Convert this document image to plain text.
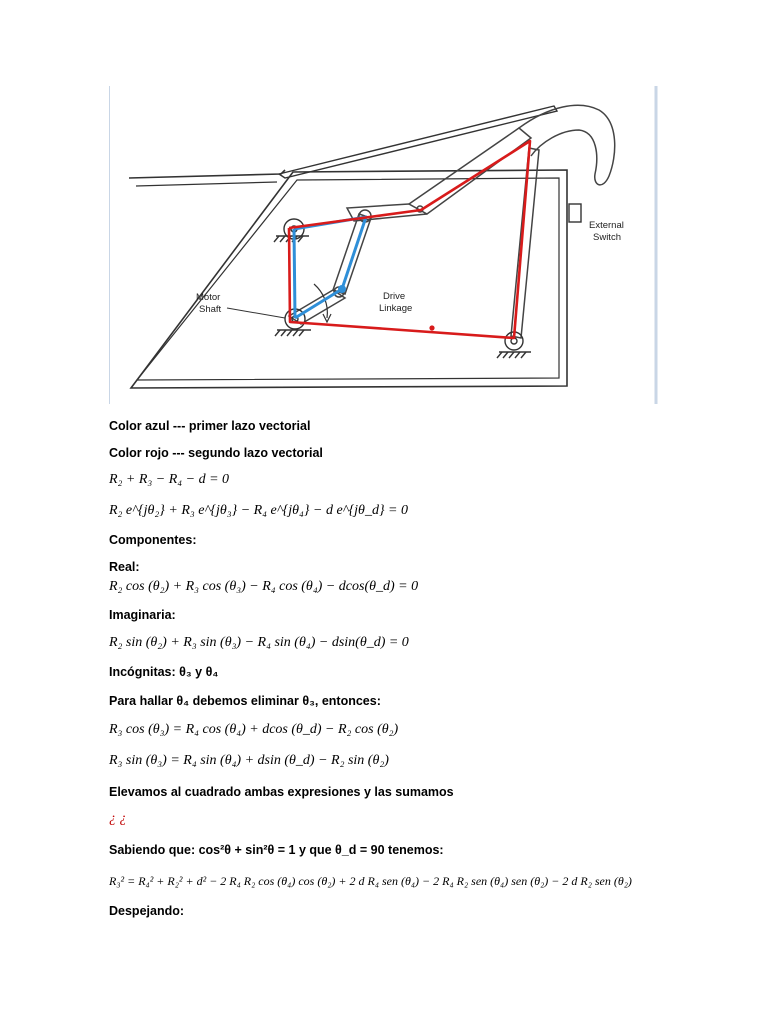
Motor
Shaft
Drive
Linkage
External
Switch
Color azul --- primer lazo vectorial
Color rojo --- segundo lazo vectorial
R₂ + R₃ − R₄ − d = 0
R₂ e^{jθ₂} + R₃ e^{jθ₃} − R₄ e^{jθ₄} − d e^{jθ_d} = 0
Componentes:
Real:
R₂ cos (θ₂) + R₃ cos (θ₃) − R₄ cos (θ₄) − dcos(θ_d) = 0
Imaginaria:
R₂ sin (θ₂) + R₃ sin (θ₃) − R₄ sin (θ₄) − dsin(θ_d) = 0
Incógnitas: θ₃ y θ₄
Para hallar θ₄ debemos eliminar θ₃, entonces:
R₃ cos (θ₃) = R₄ cos (θ₄) + dcos (θ_d) − R₂ cos (θ₂)
R₃ sin (θ₃) = R₄ sin (θ₄) + dsin (θ_d) − R₂ sin (θ₂)
Elevamos al cuadrado ambas expresiones y las sumamos
¿ ¿
Sabiendo que: cos²θ + sin²θ = 1 y que θ_d = 90 tenemos:
R₃² = R₄² + R₂² + d² − 2 R₄ R₂ cos (θ₄) cos (θ₂) + 2 d R₄ sen (θ₄) − 2 R₄ R₂ sen (θ₄) sen (θ₂) − 2 d R₂ sen (θ₂)
Despejando:
